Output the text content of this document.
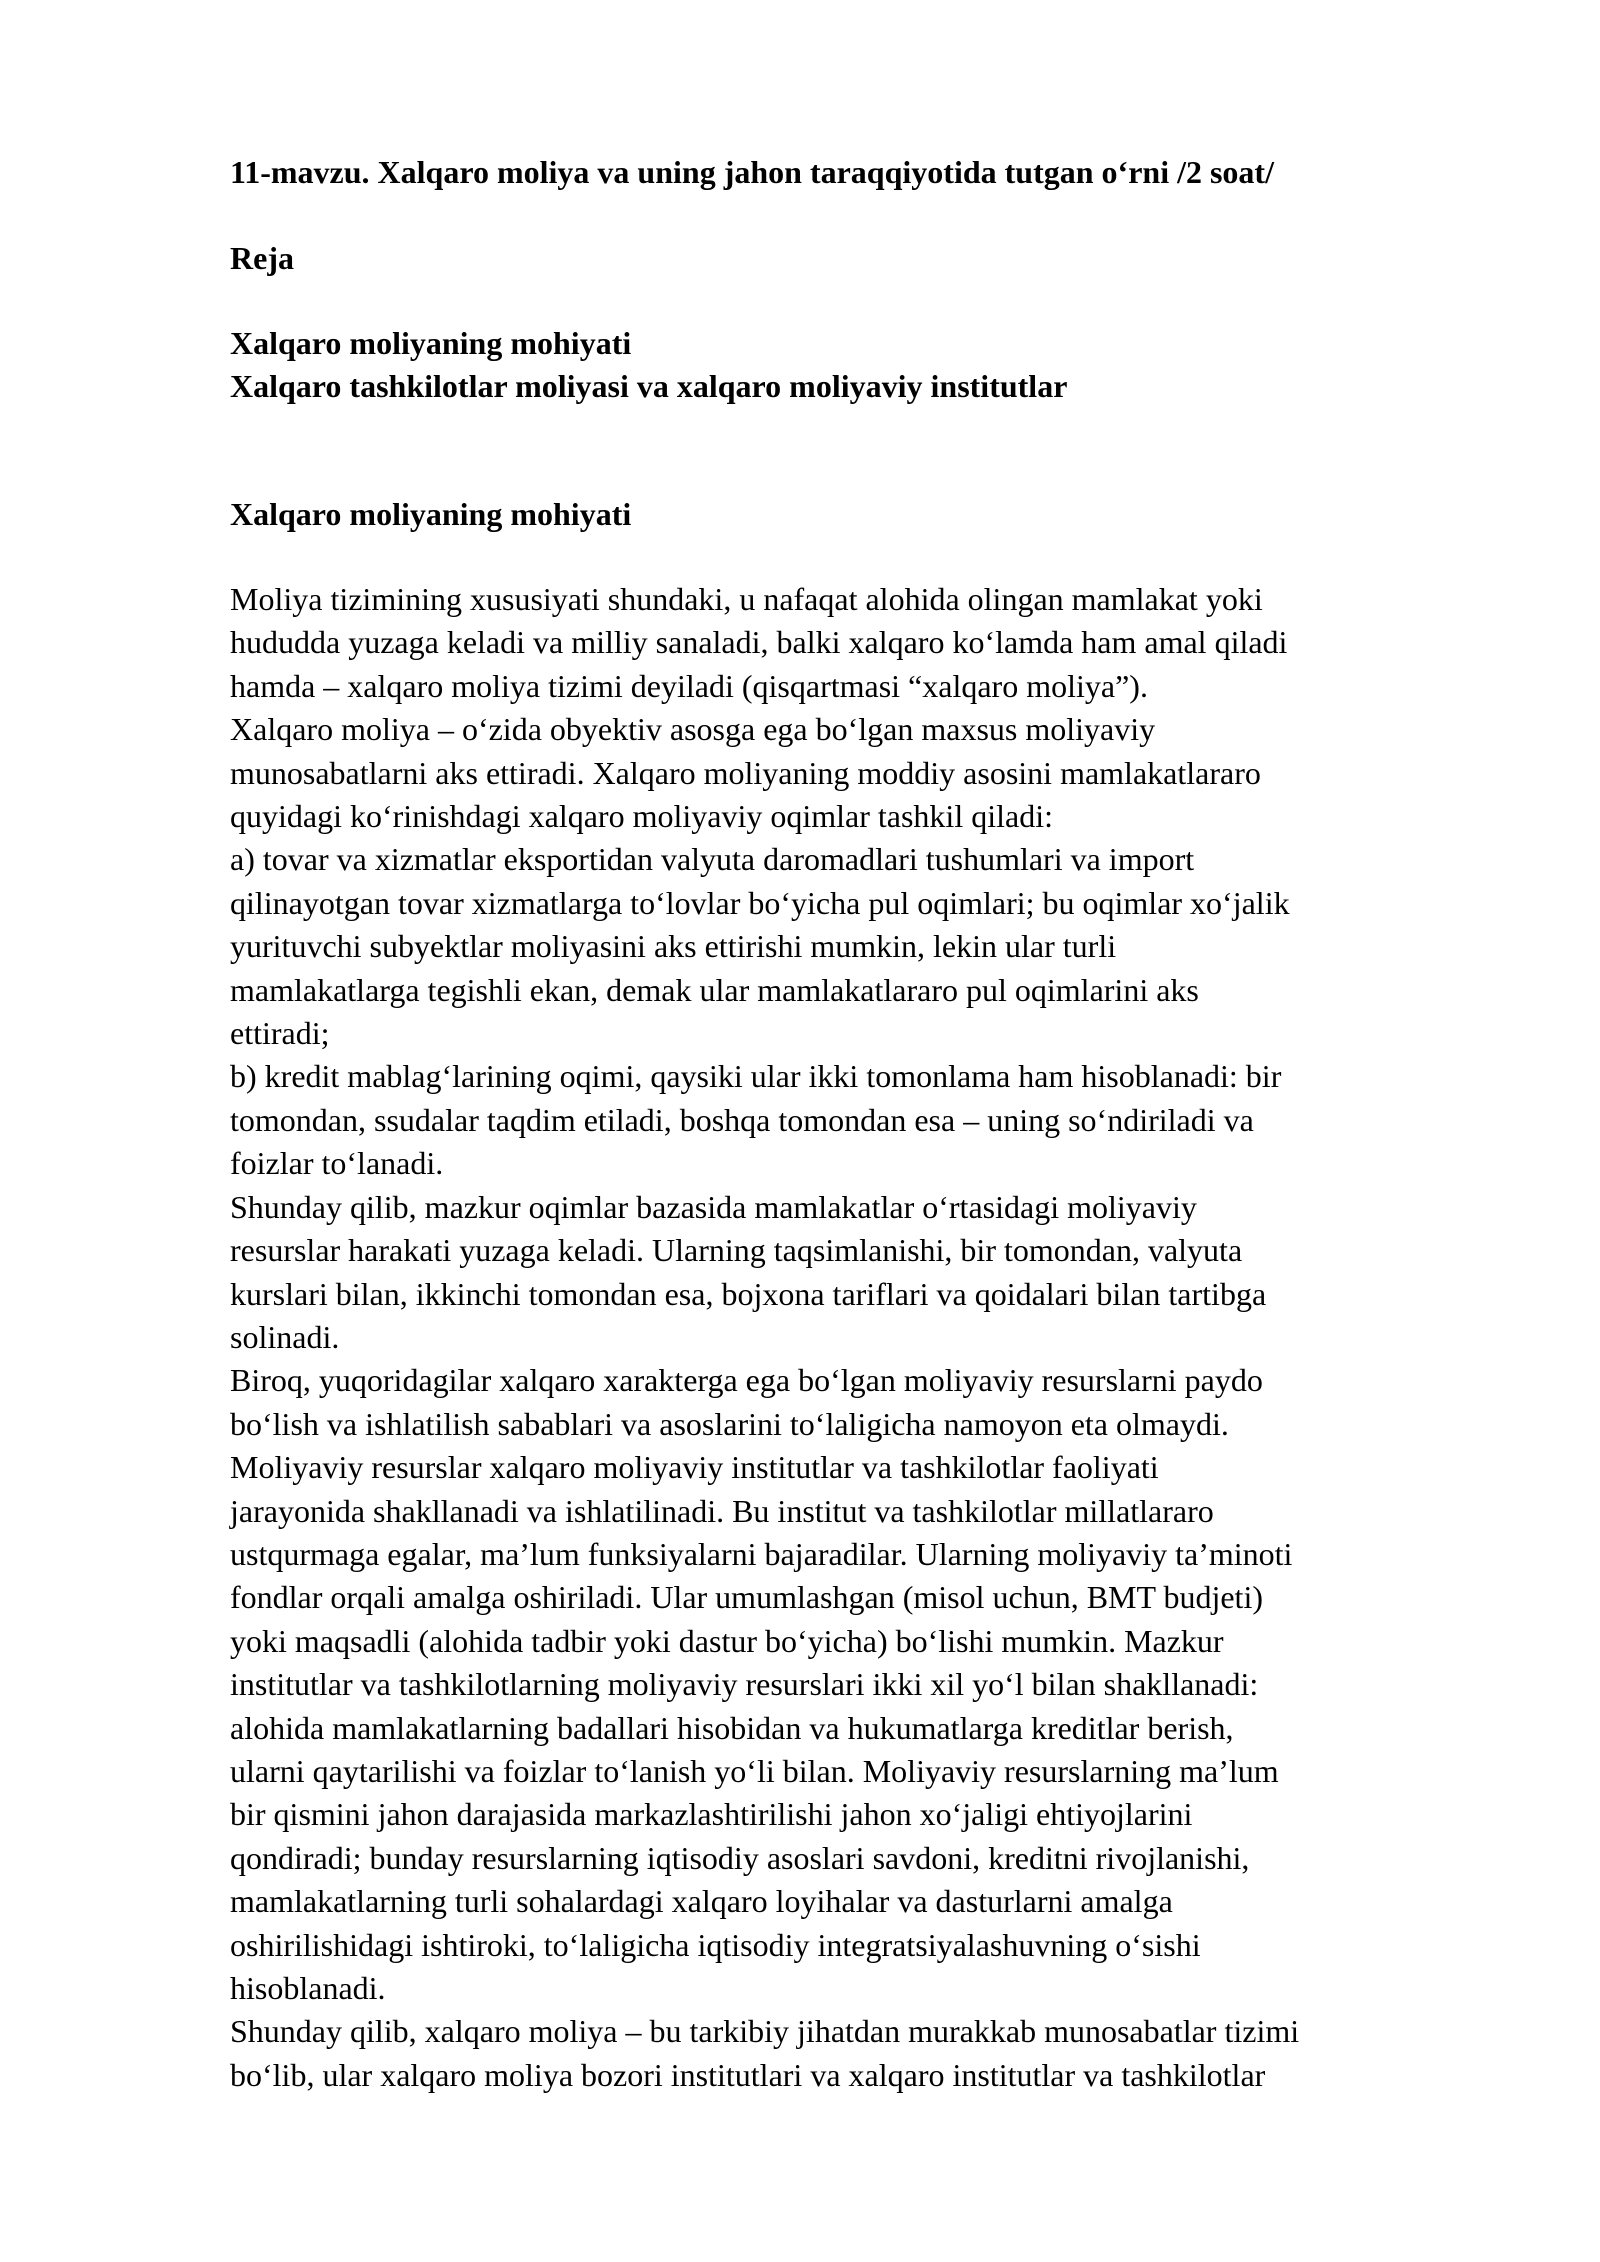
11-mavzu. Xalqaro moliya va uning jahon taraqqiyotida tutgan o‘rni /2 soat/

Reja

Xalqaro moliyaning mohiyati

Xalqaro tashkilotlar moliyasi va xalqaro moliyaviy institutlar

Xalqaro moliyaning mohiyati

Moliya tizimining xususiyati shundaki, u nafaqat alohida olingan mamlakat yoki
hududda yuzaga keladi va milliy sanaladi, balki xalqaro ko‘lamda ham amal qiladi
hamda – xalqaro moliya tizimi deyiladi (qisqartmasi “xalqaro moliya”).

Xalqaro moliya – o‘zida obyektiv asosga ega bo‘lgan maxsus moliyaviy
munosabatlarni aks ettiradi. Xalqaro moliyaning moddiy asosini mamlakatlararo
quyidagi ko‘rinishdagi xalqaro moliyaviy oqimlar tashkil qiladi:

a) tovar va xizmatlar eksportidan valyuta daromadlari tushumlari va import
qilinayotgan tovar xizmatlarga to‘lovlar bo‘yicha pul oqimlari; bu oqimlar xo‘jalik
yurituvchi subyektlar moliyasini aks ettirishi mumkin, lekin ular turli
mamlakatlarga tegishli ekan, demak ular mamlakatlararo pul oqimlarini aks
ettiradi;

b) kredit mablag‘larining oqimi, qaysiki ular ikki tomonlama ham hisoblanadi: bir
tomondan, ssudalar taqdim etiladi, boshqa tomondan esa – uning so‘ndiriladi va
foizlar to‘lanadi.

Shunday qilib, mazkur oqimlar bazasida mamlakatlar o‘rtasidagi moliyaviy
resurslar harakati yuzaga keladi. Ularning taqsimlanishi, bir tomondan, valyuta
kurslari bilan, ikkinchi tomondan esa, bojxona tariflari va qoidalari bilan tartibga
solinadi.

Biroq, yuqoridagilar xalqaro xarakterga ega bo‘lgan moliyaviy resurslarni paydo
bo‘lish va ishlatilish sabablari va asoslarini to‘laligicha namoyon eta olmaydi.

Moliyaviy resurslar xalqaro moliyaviy institutlar va tashkilotlar faoliyati
jarayonida shakllanadi va ishlatilinadi. Bu institut va tashkilotlar millatlararo
ustqurmaga egalar, ma’lum funksiyalarni bajaradilar. Ularning moliyaviy ta’minoti
fondlar orqali amalga oshiriladi. Ular umumlashgan (misol uchun, BMT budjeti)
yoki maqsadli (alohida tadbir yoki dastur bo‘yicha) bo‘lishi mumkin. Mazkur
institutlar va tashkilotlarning moliyaviy resurslari ikki xil yo‘l bilan shakllanadi:
alohida mamlakatlarning badallari hisobidan va hukumatlarga kreditlar berish,
ularni qaytarilishi va foizlar to‘lanish yo‘li bilan. Moliyaviy resurslarning ma’lum
bir qismini jahon darajasida markazlashtirilishi jahon xo‘jaligi ehtiyojlarini
qondiradi; bunday resurslarning iqtisodiy asoslari savdoni, kreditni rivojlanishi,
mamlakatlarning turli sohalardagi xalqaro loyihalar va dasturlarni amalga
oshirilishidagi ishtiroki, to‘laligicha iqtisodiy integratsiyalashuvning o‘sishi
hisoblanadi.

Shunday qilib, xalqaro moliya – bu tarkibiy jihatdan murakkab munosabatlar tizimi
bo‘lib, ular xalqaro moliya bozori institutlari va xalqaro institutlar va tashkilotlar
